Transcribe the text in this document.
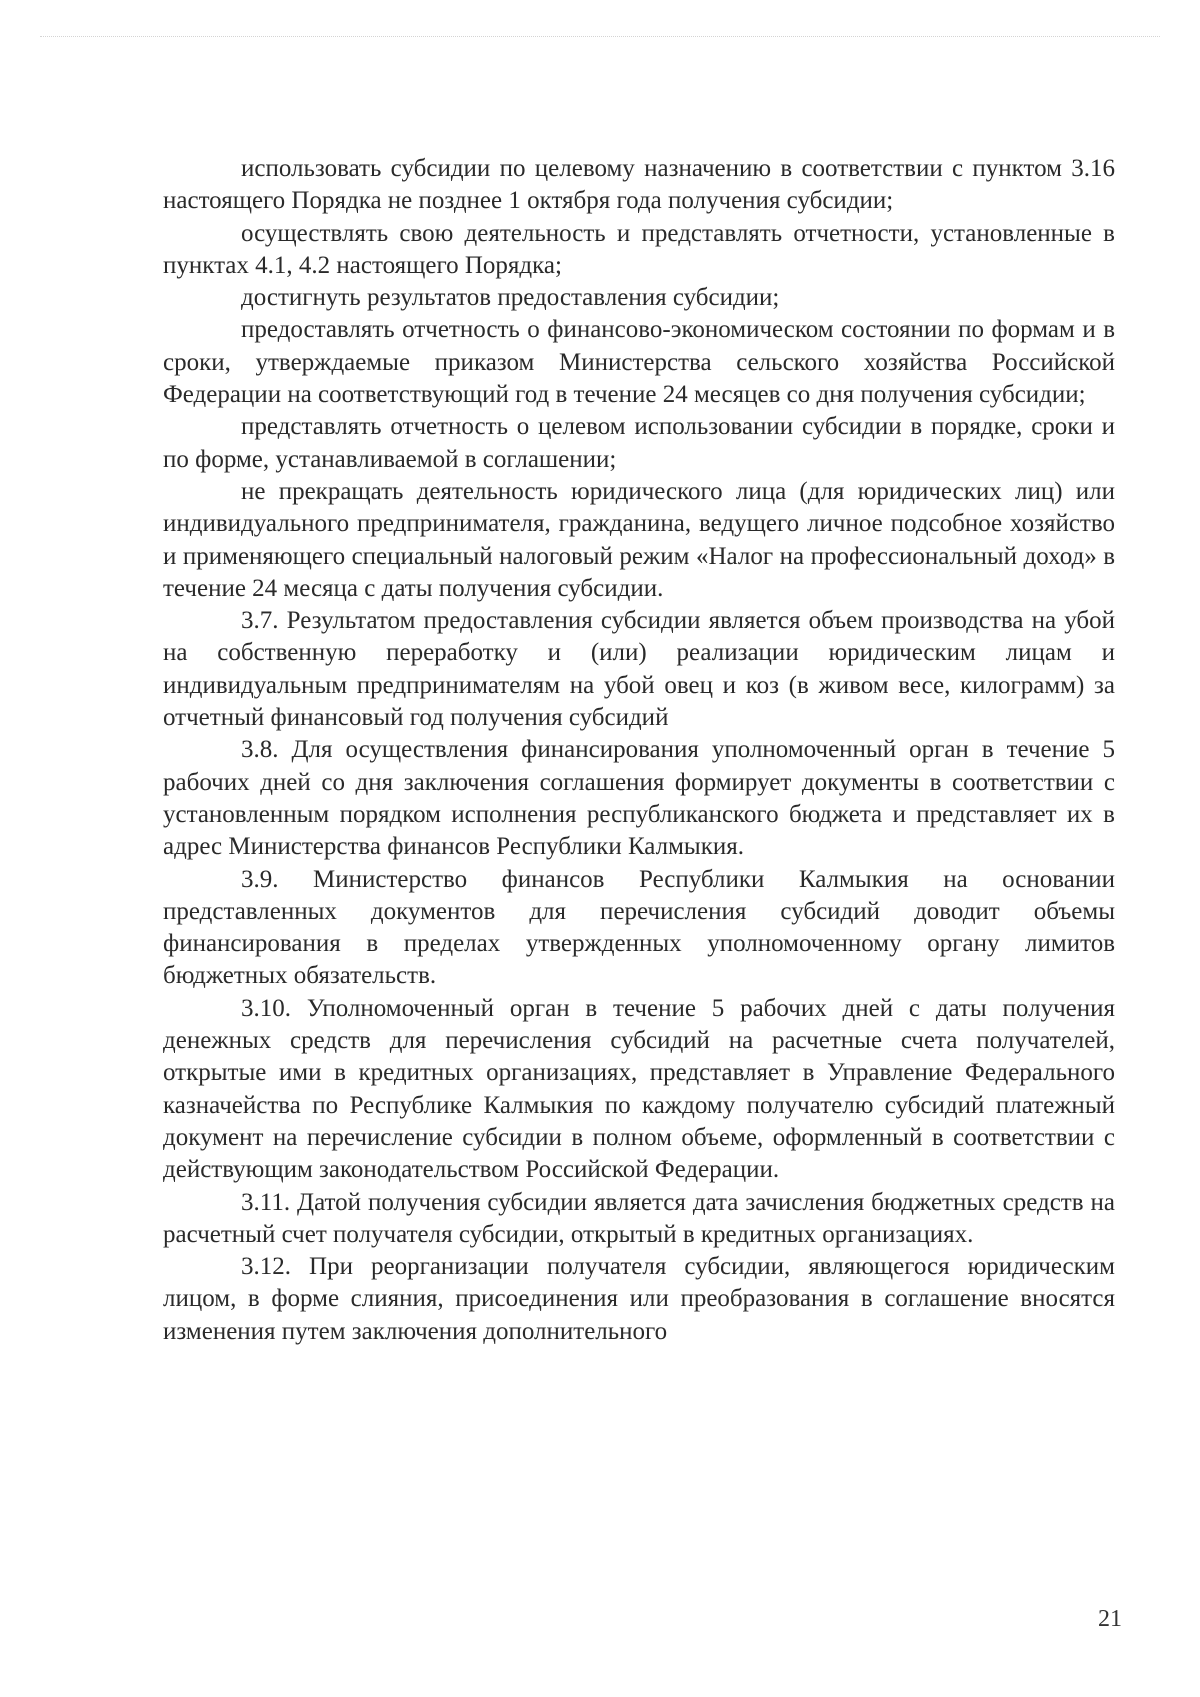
использовать субсидии по целевому назначению в соответствии с пунктом 3.16 настоящего Порядка не позднее 1 октября года получения субсидии;

осуществлять свою деятельность и представлять отчетности, установленные в пунктах 4.1, 4.2 настоящего Порядка;

достигнуть результатов предоставления субсидии;

предоставлять отчетность о финансово-экономическом состоянии по формам и в сроки, утверждаемые приказом Министерства сельского хозяйства Российской Федерации на соответствующий год в течение 24 месяцев со дня получения субсидии;

представлять отчетность о целевом использовании субсидии в порядке, сроки и по форме, устанавливаемой в соглашении;

не прекращать деятельность юридического лица (для юридических лиц) или индивидуального предпринимателя, гражданина, ведущего личное подсобное хозяйство и применяющего специальный налоговый режим «Налог на профессиональный доход» в течение 24 месяца с даты получения субсидии.

3.7. Результатом предоставления субсидии является объем производства на убой на собственную переработку и (или) реализации юридическим лицам и индивидуальным предпринимателям на убой овец и коз (в живом весе, килограмм) за отчетный финансовый год получения субсидий

3.8. Для осуществления финансирования уполномоченный орган в течение 5 рабочих дней со дня заключения соглашения формирует документы в соответствии с установленным порядком исполнения республиканского бюджета и представляет их в адрес Министерства финансов Республики Калмыкия.

3.9. Министерство финансов Республики Калмыкия на основании представленных документов для перечисления субсидий доводит объемы финансирования в пределах утвержденных уполномоченному органу лимитов бюджетных обязательств.

3.10. Уполномоченный орган в течение 5 рабочих дней с даты получения денежных средств для перечисления субсидий на расчетные счета получателей, открытые ими в кредитных организациях, представляет в Управление Федерального казначейства по Республике Калмыкия по каждому получателю субсидий платежный документ на перечисление субсидии в полном объеме, оформленный в соответствии с действующим законодательством Российской Федерации.

3.11. Датой получения субсидии является дата зачисления бюджетных средств на расчетный счет получателя субсидии, открытый в кредитных организациях.

3.12. При реорганизации получателя субсидии, являющегося юридическим лицом, в форме слияния, присоединения или преобразования в соглашение вносятся изменения путем заключения дополнительного

21
